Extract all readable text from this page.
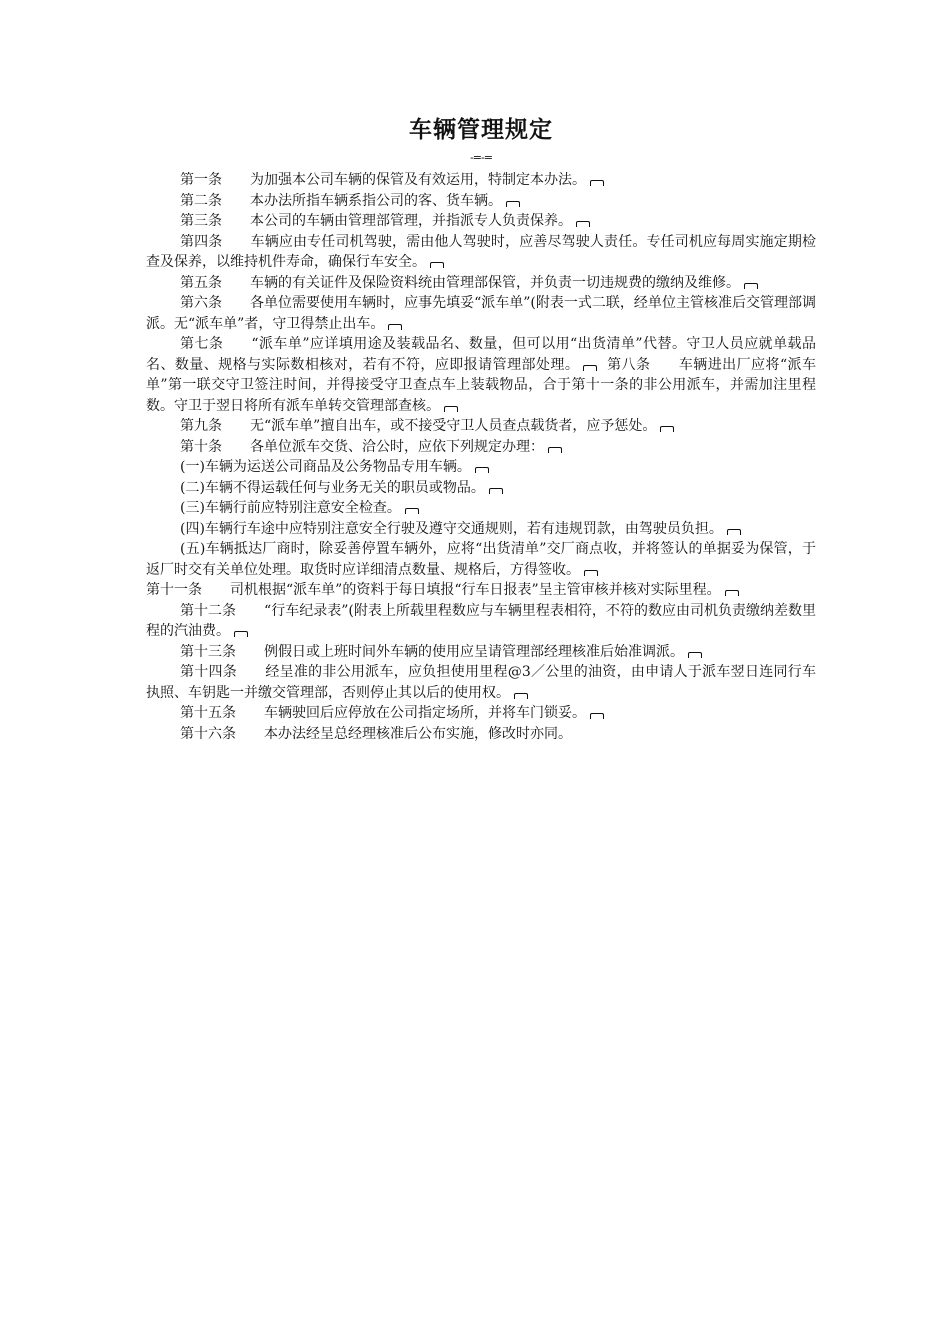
车辆管理规定
-=-=

第一条 为加强本公司车辆的保管及有效运用，特制定本办法。

第二条 本办法所指车辆系指公司的客、货车辆。

第三条 本公司的车辆由管理部管理，并指派专人负责保养。

第四条 车辆应由专任司机驾驶，需由他人驾驶时，应善尽驾驶人责任。专任司机应每周实施定期检查及保养，以维持机件寿命，确保行车安全。

第五条 车辆的有关证件及保险资料统由管理部保管，并负责一切违规费的缴纳及维修。

第六条 各单位需要使用车辆时，应事先填妥“派车单”(附表一式二联，经单位主管核准后交管理部调派。无“派车单”者，守卫得禁止出车。

第七条 “派车单”应详填用途及装载品名、数量，但可以用“出货清单”代替。守卫人员应就单载品名、数量、规格与实际数相核对，若有不符，应即报请管理部处理。 第八条 车辆进出厂应将“派车单”第一联交守卫签注时间，并得接受守卫查点车上装载物品，合于第十一条的非公用派车，并需加注里程数。守卫于翌日将所有派车单转交管理部查核。

第九条 无“派车单”擅自出车，或不接受守卫人员查点载货者，应予惩处。

第十条 各单位派车交货、洽公时，应依下列规定办理：

(一)车辆为运送公司商品及公务物品专用车辆。

(二)车辆不得运载任何与业务无关的职员或物品。

(三)车辆行前应特别注意安全检查。

(四)车辆行车途中应特别注意安全行驶及遵守交通规则，若有违规罚款，由驾驶员负担。

(五)车辆抵达厂商时，除妥善停置车辆外，应将“出货清单”交厂商点收，并将签认的单据妥为保管，于返厂时交有关单位处理。取货时应详细清点数量、规格后，方得签收。

第十一条 司机根据“派车单”的资料于每日填报“行车日报表”呈主管审核并核对实际里程。

第十二条 “行车纪录表”(附表上所载里程数应与车辆里程表相符，不符的数应由司机负责缴纳差数里程的汽油费。

第十三条 例假日或上班时间外车辆的使用应呈请管理部经理核准后始准调派。

第十四条 经呈准的非公用派车，应负担使用里程@3／公里的油资，由申请人于派车翌日连同行车执照、车钥匙一并缴交管理部，否则停止其以后的使用权。

第十五条 车辆驶回后应停放在公司指定场所，并将车门锁妥。

第十六条 本办法经呈总经理核准后公布实施，修改时亦同。
